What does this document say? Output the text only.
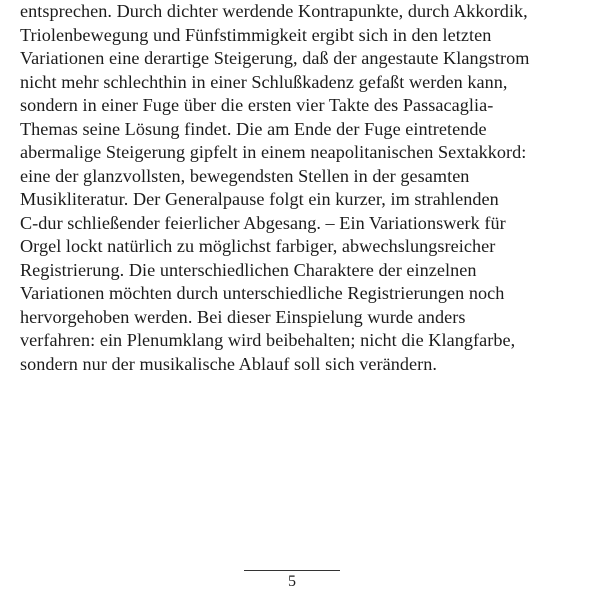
entsprechen. Durch dichter werdende Kontrapunkte, durch Akkordik,
Triolenbewegung und Fünfstimmigkeit ergibt sich in den letzten
Variationen eine derartige Steigerung, daß der angestaute Klangstrom
nicht mehr schlechthin in einer Schlußkadenz gefaßt werden kann,
sondern in einer Fuge über die ersten vier Takte des Passacaglia-
Themas seine Lösung findet. Die am Ende der Fuge eintretende
abermalige Steigerung gipfelt in einem neapolitanischen Sextakkord:
eine der glanzvollsten, bewegendsten Stellen in der gesamten
Musikliteratur. Der Generalpause folgt ein kurzer, im strahlenden
C-dur schließender feierlicher Abgesang. – Ein Variationswerk für
Orgel lockt natürlich zu möglichst farbiger, abwechslungsreicher
Registrierung. Die unterschiedlichen Charaktere der einzelnen
Variationen möchten durch unterschiedliche Registrierungen noch
hervorgehoben werden. Bei dieser Einspielung wurde anders
verfahren: ein Plenumklang wird beibehalten; nicht die Klangfarbe,
sondern nur der musikalische Ablauf soll sich verändern.
5
